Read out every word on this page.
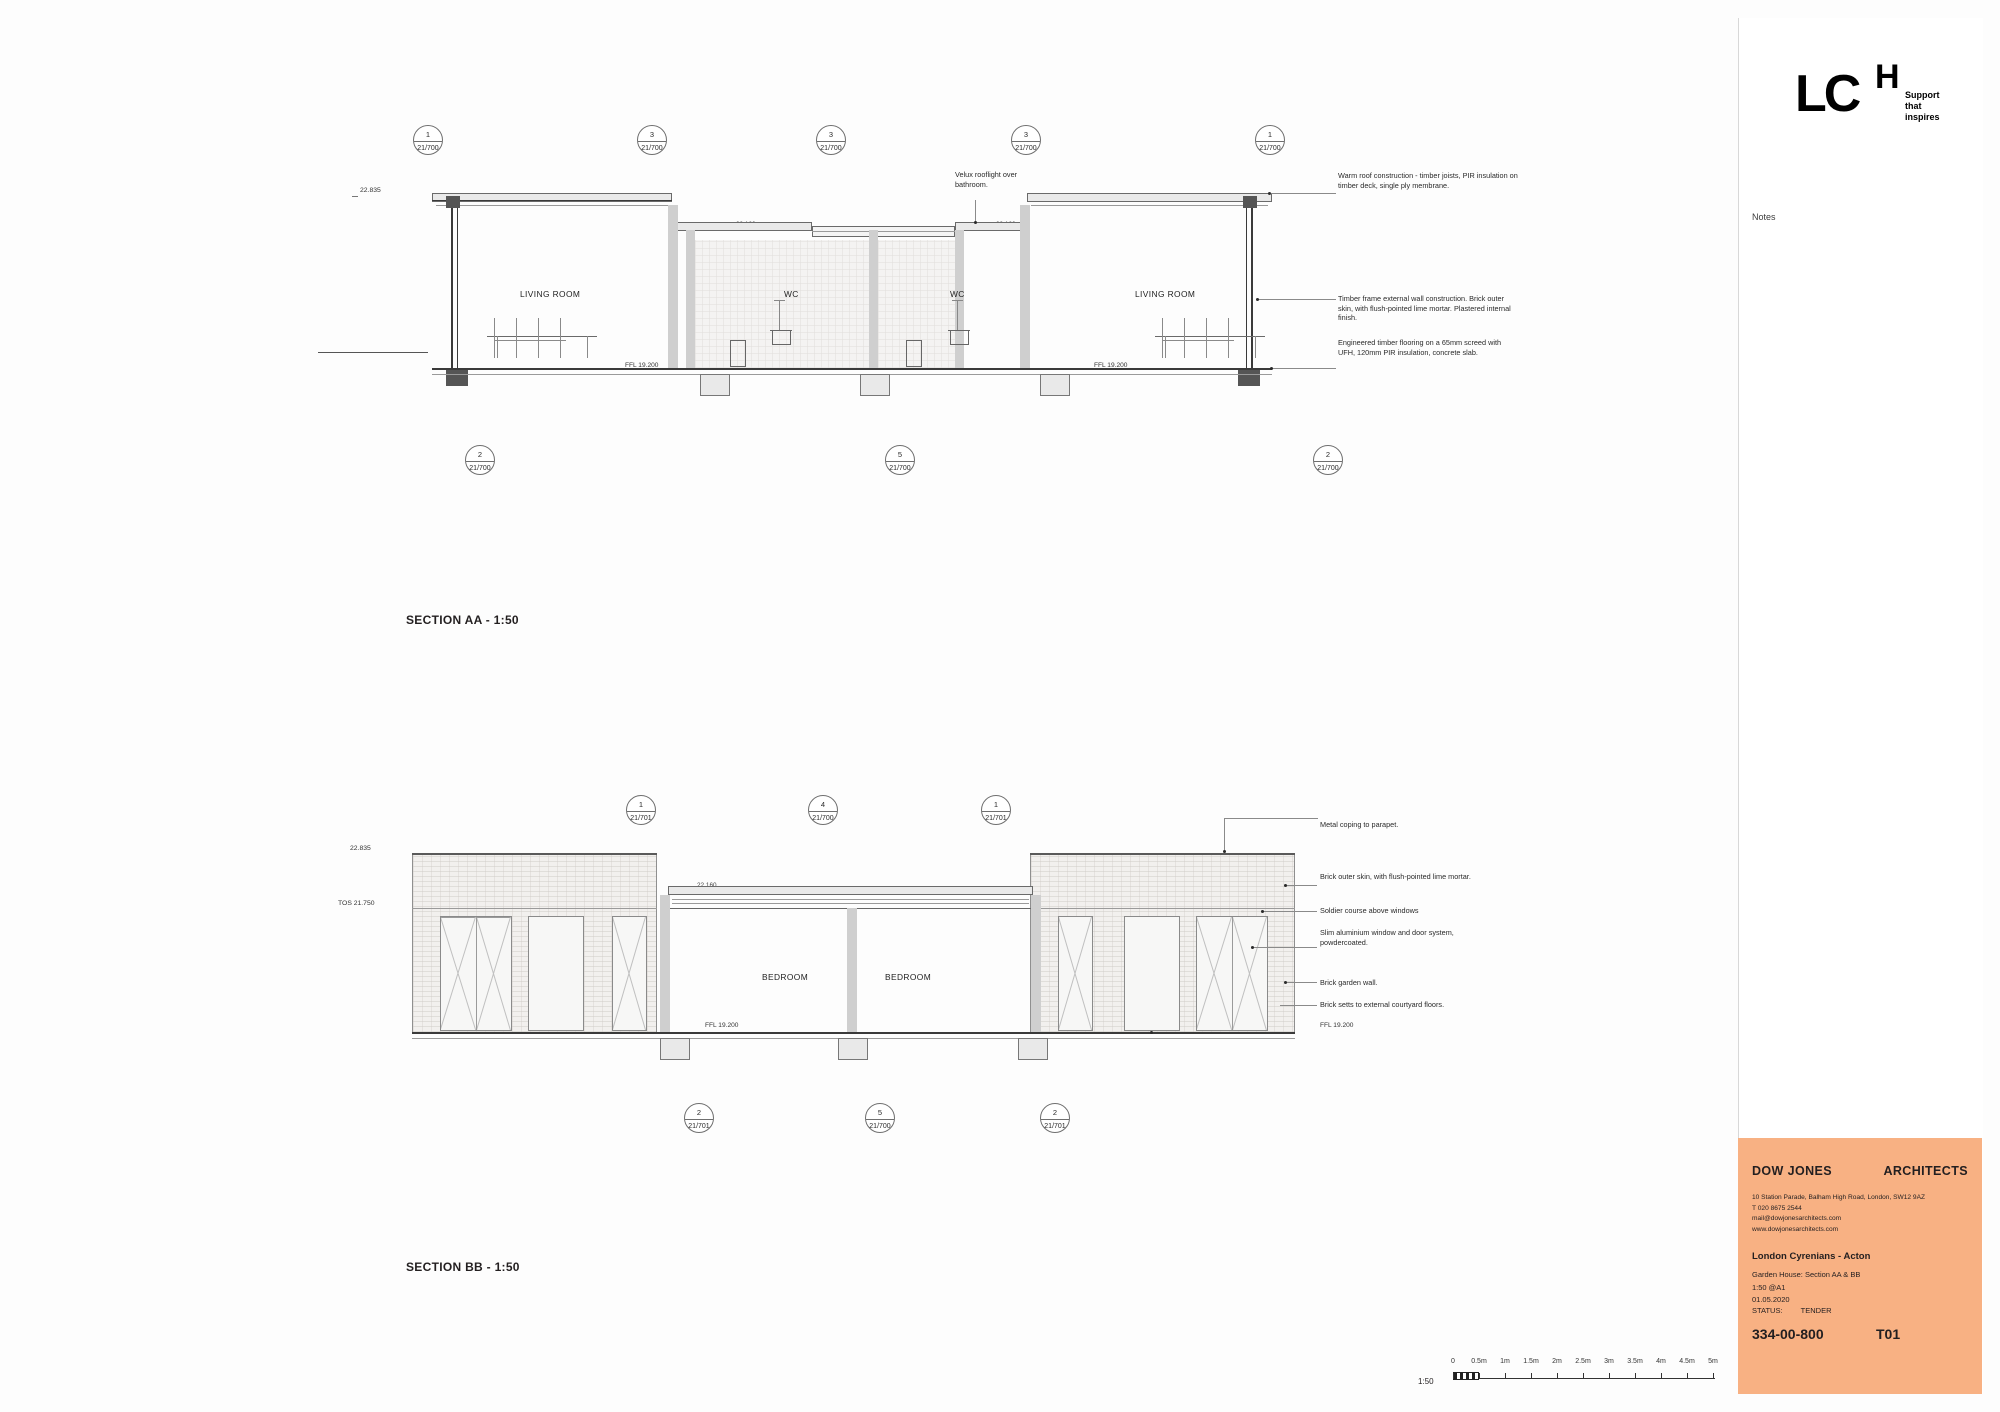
LC H Support
that
inspires
Notes
DOW JONES	ARCHITECTS
10 Station Parade, Balham High Road, London, SW12 9AZ
T 020 8675 2544
mail@dowjonesarchitects.com
www.dowjonesarchitects.com
London Cyrenians - Acton
Garden House: Section AA & BB
1:50 @A1
01.05.2020
STATUS: TENDER
334-00-800	T01
1:50
0 0.5m 1m 1.5m 2m 2.5m 3m 3.5m 4m 4.5m 5m
1
21/700
3
21/700
3
21/700
3
21/700
1
21/700
2
21/700
5
21/700
2
21/700
22.835
LIVING ROOM	WC	WC	LIVING ROOM
FFL 19.200	FFL 19.200
Velux rooflight over bathroom.
Warm roof construction - timber joists, PIR insulation on timber deck, single ply membrane.
Timber frame external wall construction. Brick outer skin, with flush-pointed lime mortar. Plastered internal finish.
Engineered timber flooring on a 65mm screed with UFH, 120mm PIR insulation, concrete slab.
SECTION AA - 1:50
1
21/701
4
21/700
1
21/701
2
21/701
5
21/700
2
21/701
22.835
TOS 21.750
BEDROOM	BEDROOM
FFL 19.200	FFL 19.200
Metal coping to parapet.
Brick outer skin, with flush-pointed lime mortar.
Soldier course above windows
Slim aluminium window and door system, powdercoated.
Brick garden wall.
Brick setts to external courtyard floors.
SECTION BB - 1:50
